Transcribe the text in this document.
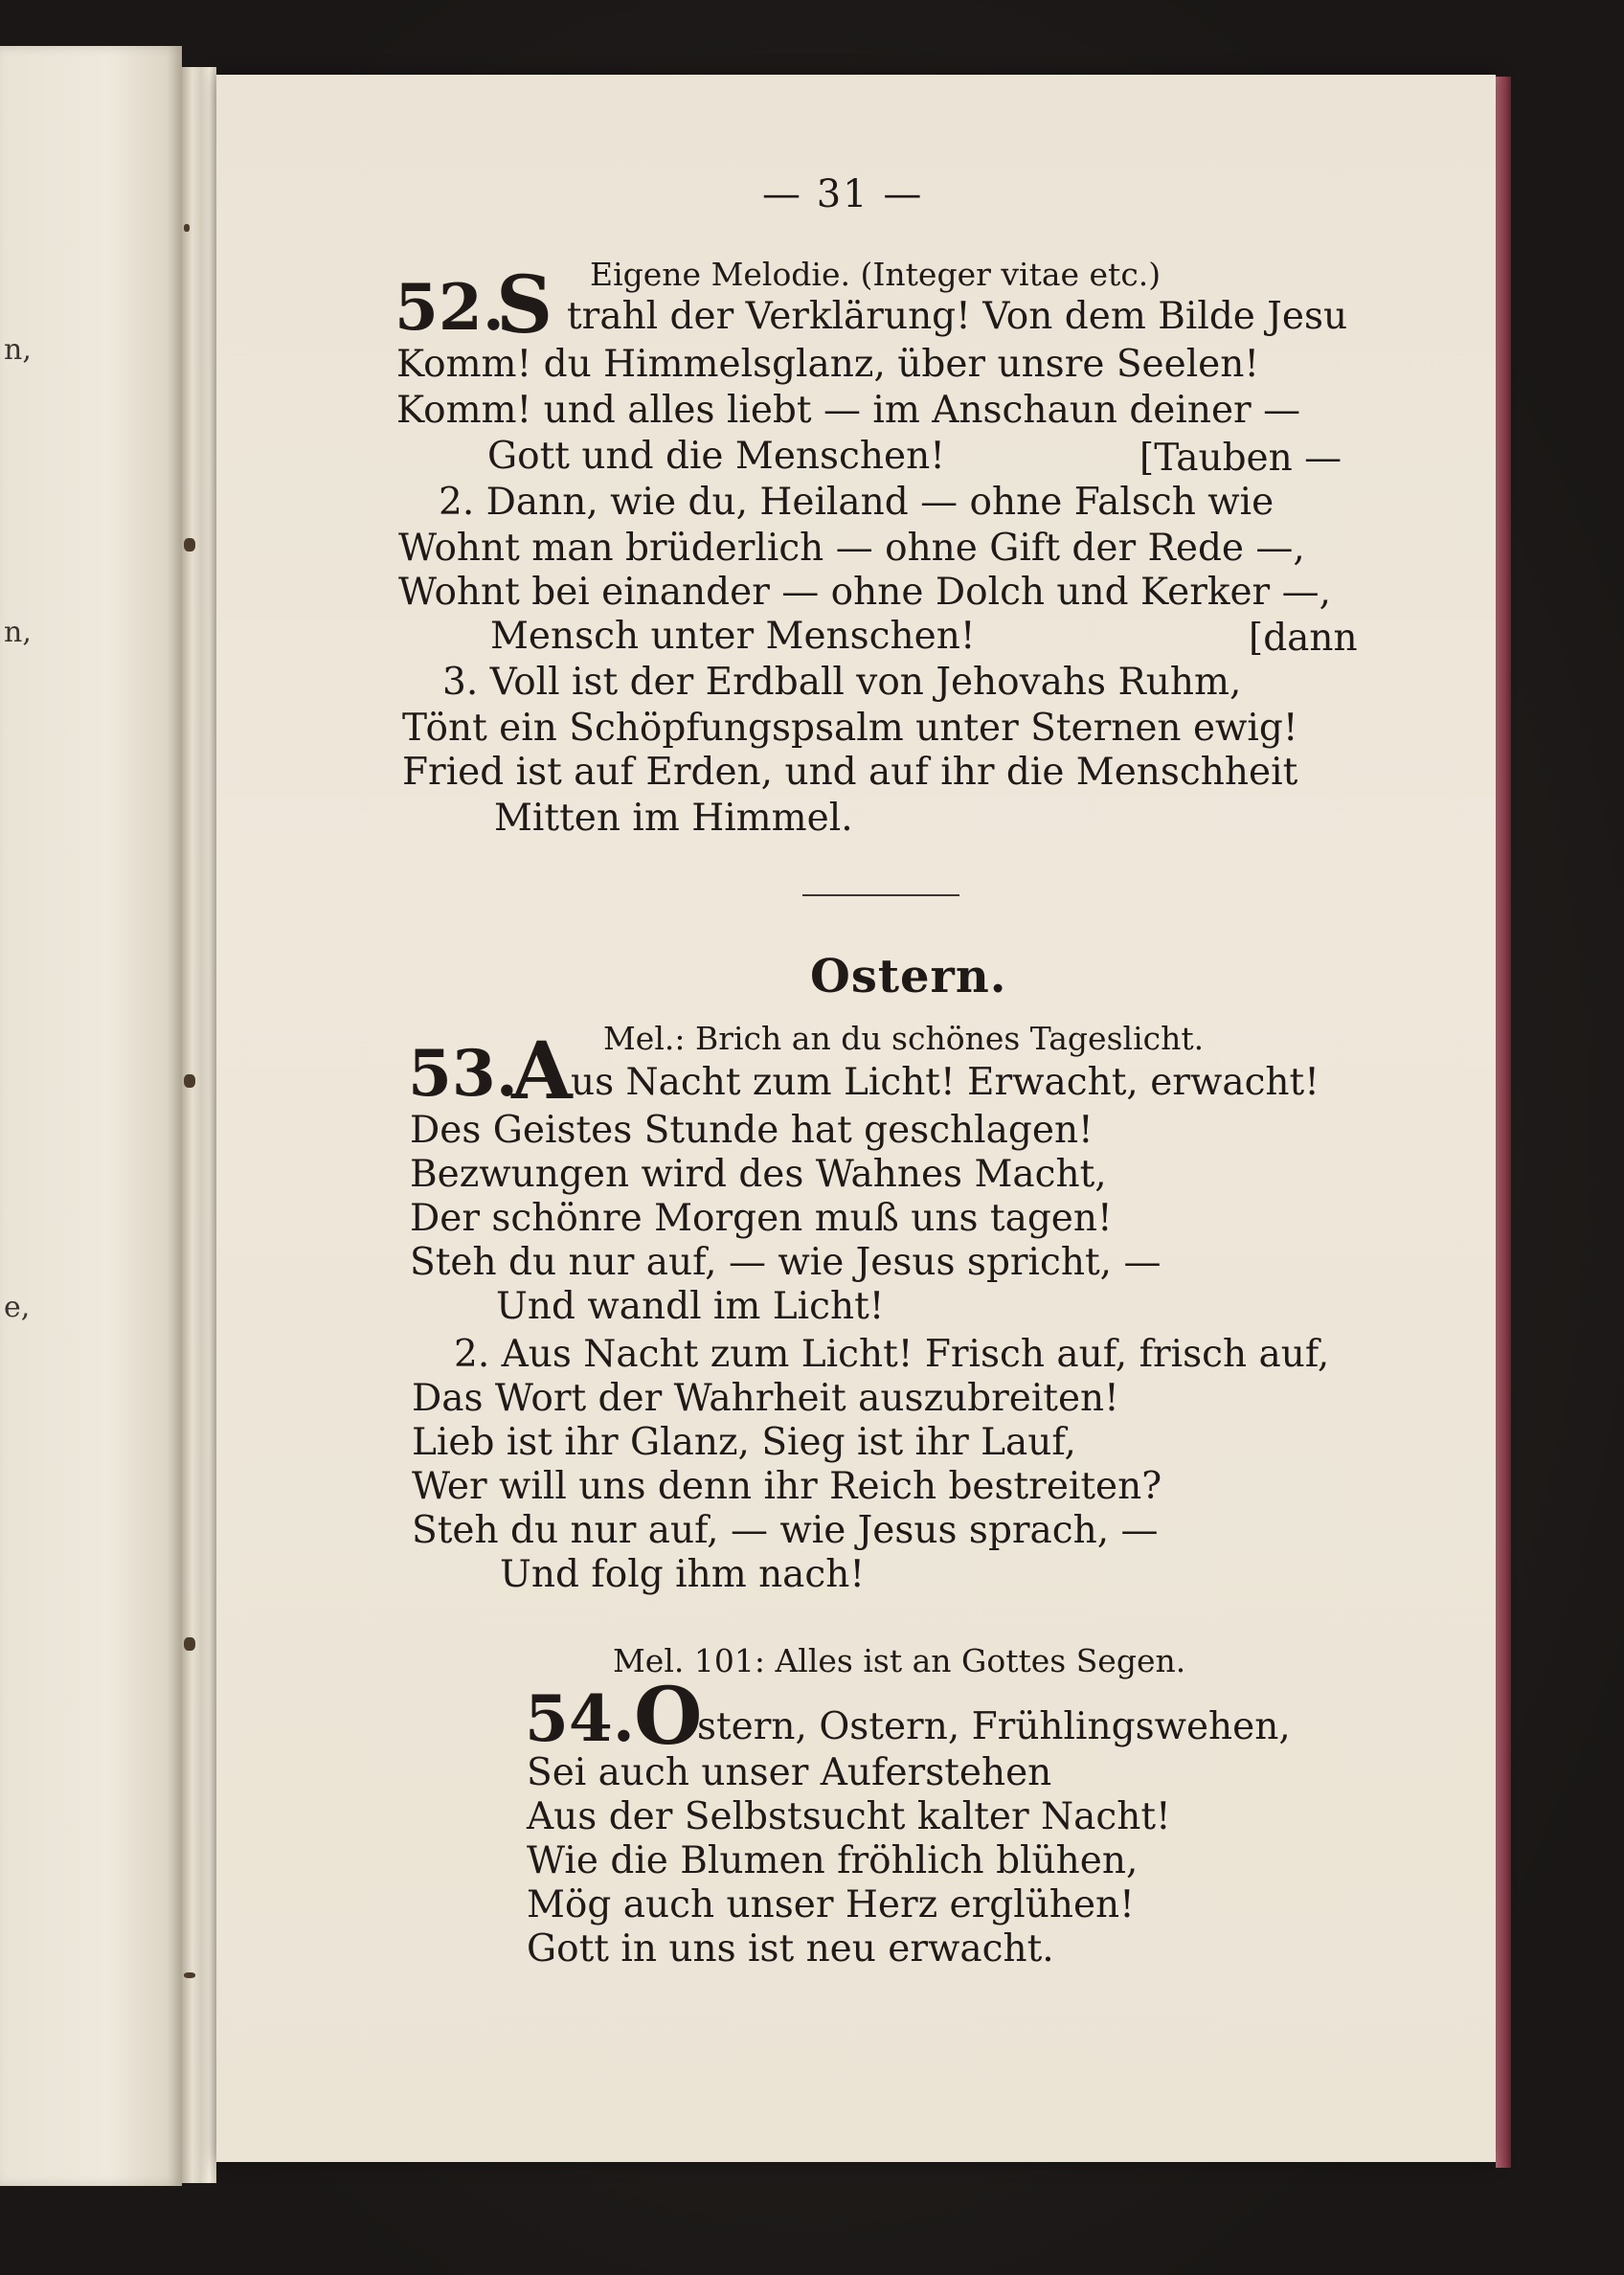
n,
n,
e,
— 31 —
Eigene Melodie. (Integer vitae etc.)
52.
S trahl der Verklärung! Von dem Bilde Jesu
Komm! du Himmelsglanz, über unsre Seelen!
Komm! und alles liebt — im Anschaun deiner —
Gott und die Menschen!	[Tauben —
2. Dann, wie du, Heiland — ohne Falsch wie
Wohnt man brüderlich — ohne Gift der Rede —,
Wohnt bei einander — ohne Dolch und Kerker —,
Mensch unter Menschen!	[dann
3. Voll ist der Erdball von Jehovahs Ruhm,
Tönt ein Schöpfungspsalm unter Sternen ewig!
Fried ist auf Erden, und auf ihr die Menschheit
Mitten im Himmel.
Ostern.
Mel.: Brich an du schönes Tageslicht.
53.
A
us Nacht zum Licht! Erwacht, erwacht!
Des Geistes Stunde hat geschlagen!
Bezwungen wird des Wahnes Macht,
Der schönre Morgen muß uns tagen!
Steh du nur auf, — wie Jesus spricht, —
Und wandl im Licht!
2. Aus Nacht zum Licht! Frisch auf, frisch auf,
Das Wort der Wahrheit auszubreiten!
Lieb ist ihr Glanz, Sieg ist ihr Lauf,
Wer will uns denn ihr Reich bestreiten?
Steh du nur auf, — wie Jesus sprach, —
Und folg ihm nach!
Mel. 101: Alles ist an Gottes Segen.
54. O
stern, Ostern, Frühlingswehen,
Sei auch unser Auferstehen
Aus der Selbstsucht kalter Nacht!
Wie die Blumen fröhlich blühen,
Mög auch unser Herz erglühen!
Gott in uns ist neu erwacht.
